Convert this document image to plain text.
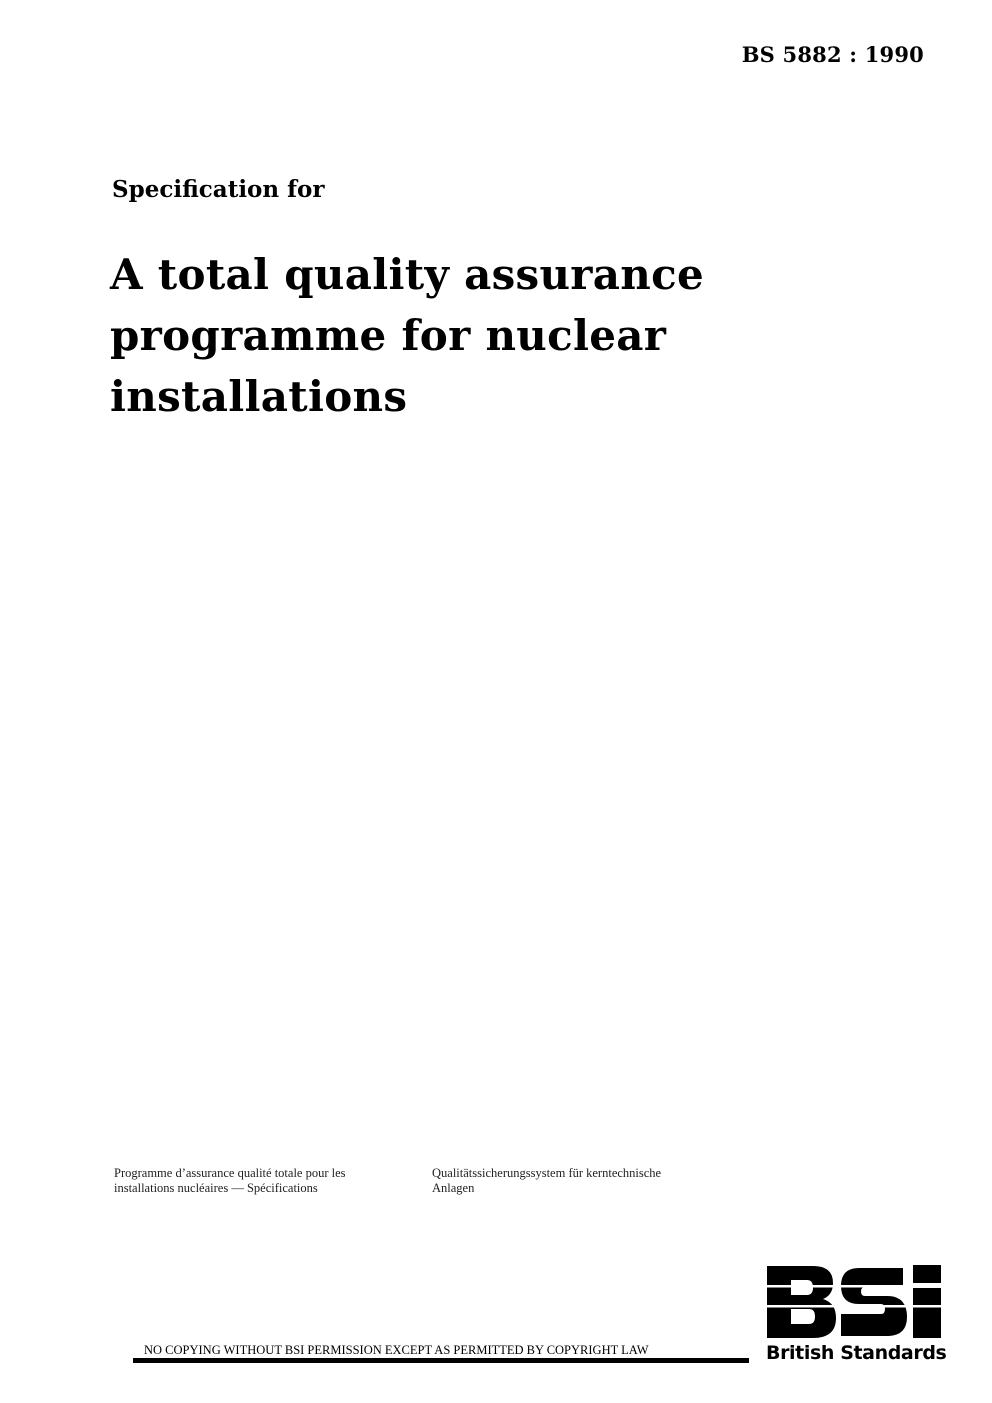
BS 5882 : 1990
Specification for
A total quality assurance
programme for nuclear
installations
Programme d’assurance qualité totale pour les
installations nucléaires — Spécifications
Qualitätssicherungssystem für kerntechnische
Anlagen
NO COPYING WITHOUT BSI PERMISSION EXCEPT AS PERMITTED BY COPYRIGHT LAW	British Standards
